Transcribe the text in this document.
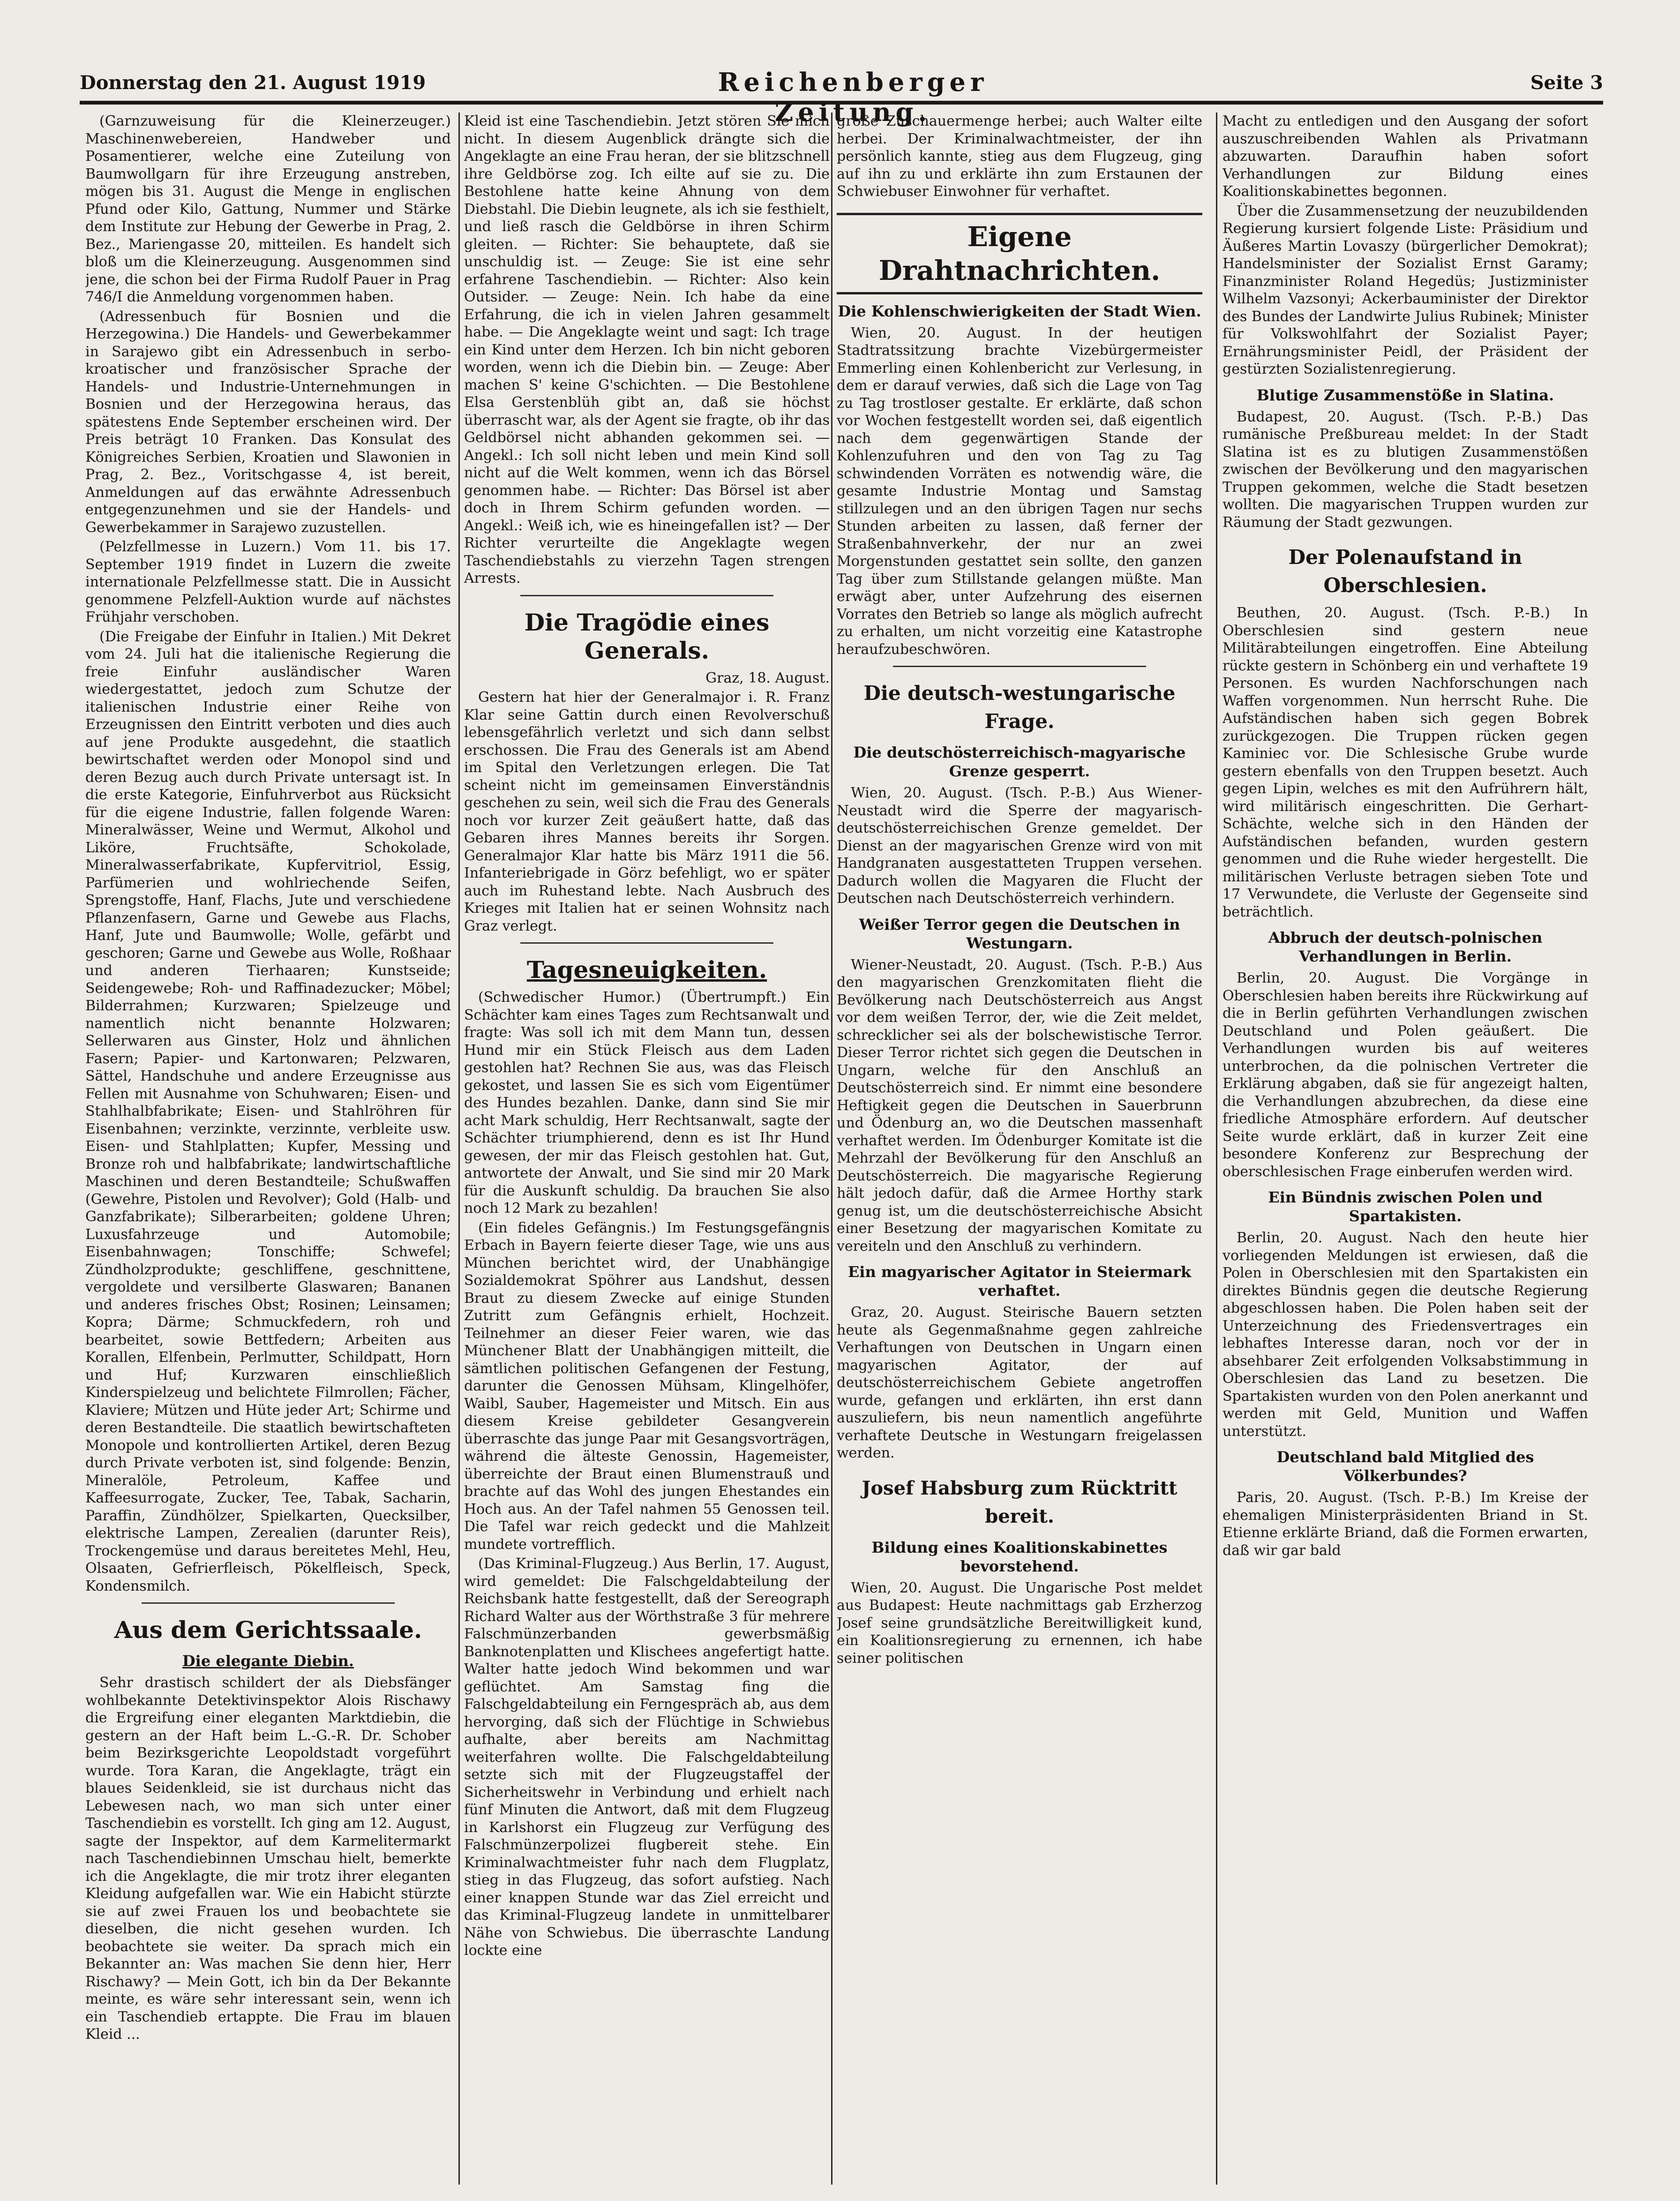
Donnerstag den 21. August 1919	Reichenberger Zeitung.
Seite 3

(Garnzuweisung für die Kleinerzeuger.) Maschinenwebereien, Handweber und Posamentierer, welche eine Zuteilung von Baumwollgarn für ihre Erzeugung anstreben, mögen bis 31. August die Menge in englischen Pfund oder Kilo, Gattung, Nummer und Stärke dem Institute zur Hebung der Gewerbe in Prag, 2. Bez., Mariengasse 20, mitteilen. Es handelt sich bloß um die Kleinerzeugung. Ausgenommen sind jene, die schon bei der Firma Rudolf Pauer in Prag 746/I die Anmeldung vorgenommen haben.

(Adressenbuch für Bosnien und die Herzegowina.) Die Handels- und Gewerbekammer in Sarajewo gibt ein Adressenbuch in serbo-kroatischer und französischer Sprache der Handels- und Industrie-Unternehmungen in Bosnien und der Herzegowina heraus, das spätestens Ende September erscheinen wird. Der Preis beträgt 10 Franken. Das Konsulat des Königreiches Serbien, Kroatien und Slawonien in Prag, 2. Bez., Voritschgasse 4, ist bereit, Anmeldungen auf das erwähnte Adressenbuch entgegenzunehmen und sie der Handels- und Gewerbekammer in Sarajewo zuzustellen.

(Pelzfellmesse in Luzern.) Vom 11. bis 17. September 1919 findet in Luzern die zweite internationale Pelzfellmesse statt. Die in Aussicht genommene Pelzfell-Auktion wurde auf nächstes Frühjahr verschoben.

(Die Freigabe der Einfuhr in Italien.) Mit Dekret vom 24. Juli hat die italienische Regierung die freie Einfuhr ausländischer Waren wiedergestattet, jedoch zum Schutze der italienischen Industrie einer Reihe von Erzeugnissen den Eintritt verboten und dies auch auf jene Produkte ausgedehnt, die staatlich bewirtschaftet werden oder Monopol sind und deren Bezug auch durch Private untersagt ist. In die erste Kategorie, Einfuhrverbot aus Rücksicht für die eigene Industrie, fallen folgende Waren: Mineralwässer, Weine und Wermut, Alkohol und Liköre, Fruchtsäfte, Schokolade, Mineralwasserfabrikate, Kupfervitriol, Essig, Parfümerien und wohlriechende Seifen, Sprengstoffe, Hanf, Flachs, Jute und verschiedene Pflanzenfasern, Garne und Gewebe aus Flachs, Hanf, Jute und Baumwolle; Wolle, gefärbt und geschoren; Garne und Gewebe aus Wolle, Roßhaar und anderen Tierhaaren; Kunstseide; Seidengewebe; Roh- und Raffinadezucker; Möbel; Bilderrahmen; Kurzwaren; Spielzeuge und namentlich nicht benannte Holzwaren; Sellerwaren aus Ginster, Holz und ähnlichen Fasern; Papier- und Kartonwaren; Pelzwaren, Sättel, Handschuhe und andere Erzeugnisse aus Fellen mit Ausnahme von Schuhwaren; Eisen- und Stahlhalbfabrikate; Eisen- und Stahlröhren für Eisenbahnen; verzinkte, verzinnte, verbleite usw. Eisen- und Stahlplatten; Kupfer, Messing und Bronze roh und halbfabrikate; landwirtschaftliche Maschinen und deren Bestandteile; Schußwaffen (Gewehre, Pistolen und Revolver); Gold (Halb- und Ganzfabrikate); Silberarbeiten; goldene Uhren; Luxusfahrzeuge und Automobile; Eisenbahnwagen; Tonschiffe; Schwefel; Zündholzprodukte; geschliffene, geschnittene, vergoldete und versilberte Glaswaren; Bananen und anderes frisches Obst; Rosinen; Leinsamen; Kopra; Därme; Schmuckfedern, roh und bearbeitet, sowie Bettfedern; Arbeiten aus Korallen, Elfenbein, Perlmutter, Schildpatt, Horn und Huf; Kurzwaren einschließlich Kinderspielzeug und belichtete Filmrollen; Fächer, Klaviere; Mützen und Hüte jeder Art; Schirme und deren Bestandteile. Die staatlich bewirtschafteten Monopole und kontrollierten Artikel, deren Bezug durch Private verboten ist, sind folgende: Benzin, Mineralöle, Petroleum, Kaffee und Kaffeesurrogate, Zucker, Tee, Tabak, Sacharin, Paraffin, Zündhölzer, Spielkarten, Quecksilber, elektrische Lampen, Zerealien (darunter Reis), Trockengemüse und daraus bereitetes Mehl, Heu, Olsaaten, Gefrierfleisch, Pökelfleisch, Speck, Kondensmilch.

Aus dem Gerichtssaale.
Die elegante Diebin.

Sehr drastisch schildert der als Diebsfänger wohlbekannte Detektivinspektor Alois Rischawy die Ergreifung einer eleganten Marktdiebin, die gestern an der Haft beim L.-G.-R. Dr. Schober beim Bezirksgerichte Leopoldstadt vorgeführt wurde. Tora Karan, die Angeklagte, trägt ein blaues Seidenkleid, sie ist durchaus nicht das Lebewesen nach, wo man sich unter einer Taschendiebin es vorstellt. Ich ging am 12. August, sagte der Inspektor, auf dem Karmelitermarkt nach Taschendiebinnen Umschau hielt, bemerkte ich die Angeklagte, die mir trotz ihrer eleganten Kleidung aufgefallen war. Wie ein Habicht stürzte sie auf zwei Frauen los und beobachtete sie dieselben, die nicht gesehen wurden. Ich beobachtete sie weiter. Da sprach mich ein Bekannter an: Was machen Sie denn hier, Herr Rischawy? — Mein Gott, ich bin da Der Bekannte meinte, es wäre sehr interessant sein, wenn ich ein Taschendieb ertappte. Die Frau im blauen Kleid ...

Kleid ist eine Taschendiebin. Jetzt stören Sie mich nicht. In diesem Augenblick drängte sich die Angeklagte an eine Frau heran, der sie blitzschnell ihre Geldbörse zog. Ich eilte auf sie zu. Die Bestohlene hatte keine Ahnung von dem Diebstahl. Die Diebin leugnete, als ich sie festhielt, und ließ rasch die Geldbörse in ihren Schirm gleiten. — Richter: Sie behauptete, daß sie unschuldig ist. — Zeuge: Sie ist eine sehr erfahrene Taschendiebin. — Richter: Also kein Outsider. — Zeuge: Nein. Ich habe da eine Erfahrung, die ich in vielen Jahren gesammelt habe. — Die Angeklagte weint und sagt: Ich trage ein Kind unter dem Herzen. Ich bin nicht geboren worden, wenn ich die Diebin bin. — Zeuge: Aber machen S' keine G'schichten. — Die Bestohlene Elsa Gerstenblüh gibt an, daß sie höchst überrascht war, als der Agent sie fragte, ob ihr das Geldbörsel nicht abhanden gekommen sei. — Angekl.: Ich soll nicht leben und mein Kind soll nicht auf die Welt kommen, wenn ich das Börsel genommen habe. — Richter: Das Börsel ist aber doch in Ihrem Schirm gefunden worden. — Angekl.: Weiß ich, wie es hineingefallen ist? — Der Richter verurteilte die Angeklagte wegen Taschendiebstahls zu vierzehn Tagen strengen Arrests.

Die Tragödie eines Generals.

Graz, 18. August.

Gestern hat hier der Generalmajor i. R. Franz Klar seine Gattin durch einen Revolverschuß lebensgefährlich verletzt und sich dann selbst erschossen. Die Frau des Generals ist am Abend im Spital den Verletzungen erlegen. Die Tat scheint nicht im gemeinsamen Einverständnis geschehen zu sein, weil sich die Frau des Generals noch vor kurzer Zeit geäußert hatte, daß das Gebaren ihres Mannes bereits ihr Sorgen. Generalmajor Klar hatte bis März 1911 die 56. Infanteriebrigade in Görz befehligt, wo er später auch im Ruhestand lebte. Nach Ausbruch des Krieges mit Italien hat er seinen Wohnsitz nach Graz verlegt.

Tagesneuigkeiten.

(Schwedischer Humor.) (Übertrumpft.) Ein Schächter kam eines Tages zum Rechtsanwalt und fragte: Was soll ich mit dem Mann tun, dessen Hund mir ein Stück Fleisch aus dem Laden gestohlen hat? Rechnen Sie aus, was das Fleisch gekostet, und lassen Sie es sich vom Eigentümer des Hundes bezahlen. Danke, dann sind Sie mir acht Mark schuldig, Herr Rechtsanwalt, sagte der Schächter triumphierend, denn es ist Ihr Hund gewesen, der mir das Fleisch gestohlen hat. Gut, antwortete der Anwalt, und Sie sind mir 20 Mark für die Auskunft schuldig. Da brauchen Sie also noch 12 Mark zu bezahlen!

(Ein fideles Gefängnis.) Im Festungsgefängnis Erbach in Bayern feierte dieser Tage, wie uns aus München berichtet wird, der Unabhängige Sozialdemokrat Spöhrer aus Landshut, dessen Braut zu diesem Zwecke auf einige Stunden Zutritt zum Gefängnis erhielt, Hochzeit. Teilnehmer an dieser Feier waren, wie das Münchener Blatt der Unabhängigen mitteilt, die sämtlichen politischen Gefangenen der Festung, darunter die Genossen Mühsam, Klingelhöfer, Waibl, Sauber, Hagemeister und Mitsch. Ein aus diesem Kreise gebildeter Gesangverein überraschte das junge Paar mit Gesangsvorträgen, während die älteste Genossin, Hagemeister, überreichte der Braut einen Blumenstrauß und brachte auf das Wohl des jungen Ehestandes ein Hoch aus. An der Tafel nahmen 55 Genossen teil. Die Tafel war reich gedeckt und die Mahlzeit mundete vortrefflich.

(Das Kriminal-Flugzeug.) Aus Berlin, 17. August, wird gemeldet: Die Falschgeldabteilung der Reichsbank hatte festgestellt, daß der Sereograph Richard Walter aus der Wörthstraße 3 für mehrere Falschmünzerbanden gewerbsmäßig Banknotenplatten und Klischees angefertigt hatte. Walter hatte jedoch Wind bekommen und war geflüchtet. Am Samstag fing die Falschgeldabteilung ein Ferngespräch ab, aus dem hervorging, daß sich der Flüchtige in Schwiebus aufhalte, aber bereits am Nachmittag weiterfahren wollte. Die Falschgeldabteilung setzte sich mit der Flugzeugstaffel der Sicherheitswehr in Verbindung und erhielt nach fünf Minuten die Antwort, daß mit dem Flugzeug in Karlshorst ein Flugzeug zur Verfügung des Falschmünzerpolizei flugbereit stehe. Ein Kriminalwachtmeister fuhr nach dem Flugplatz, stieg in das Flugzeug, das sofort aufstieg. Nach einer knappen Stunde war das Ziel erreicht und das Kriminal-Flugzeug landete in unmittelbarer Nähe von Schwiebus. Die überraschte Landung lockte eine

große Zuschauermenge herbei; auch Walter eilte herbei. Der Kriminalwachtmeister, der ihn persönlich kannte, stieg aus dem Flugzeug, ging auf ihn zu und erklärte ihn zum Erstaunen der Schwiebuser Einwohner für verhaftet.

Eigene Drahtnachrichten.
Die Kohlenschwierigkeiten der Stadt Wien.

Wien, 20. August. In der heutigen Stadtratssitzung brachte Vizebürgermeister Emmerling einen Kohlenbericht zur Verlesung, in dem er darauf verwies, daß sich die Lage von Tag zu Tag trostloser gestalte. Er erklärte, daß schon vor Wochen festgestellt worden sei, daß eigentlich nach dem gegenwärtigen Stande der Kohlenzufuhren und den von Tag zu Tag schwindenden Vorräten es notwendig wäre, die gesamte Industrie Montag und Samstag stillzulegen und an den übrigen Tagen nur sechs Stunden arbeiten zu lassen, daß ferner der Straßenbahnverkehr, der nur an zwei Morgenstunden gestattet sein sollte, den ganzen Tag über zum Stillstande gelangen müßte. Man erwägt aber, unter Aufzehrung des eisernen Vorrates den Betrieb so lange als möglich aufrecht zu erhalten, um nicht vorzeitig eine Katastrophe heraufzubeschwören.

Die deutsch-westungarische Frage.
Die deutschösterreichisch-magyarische Grenze gesperrt.

Wien, 20. August. (Tsch. P.-B.) Aus Wiener-Neustadt wird die Sperre der magyarisch-deutschösterreichischen Grenze gemeldet. Der Dienst an der magyarischen Grenze wird von mit Handgranaten ausgestatteten Truppen versehen. Dadurch wollen die Magyaren die Flucht der Deutschen nach Deutschösterreich verhindern.

Weißer Terror gegen die Deutschen in Westungarn.

Wiener-Neustadt, 20. August. (Tsch. P.-B.) Aus den magyarischen Grenzkomitaten flieht die Bevölkerung nach Deutschösterreich aus Angst vor dem weißen Terror, der, wie die Zeit meldet, schrecklicher sei als der bolschewistische Terror. Dieser Terror richtet sich gegen die Deutschen in Ungarn, welche für den Anschluß an Deutschösterreich sind. Er nimmt eine besondere Heftigkeit gegen die Deutschen in Sauerbrunn und Ödenburg an, wo die Deutschen massenhaft verhaftet werden. Im Ödenburger Komitate ist die Mehrzahl der Bevölkerung für den Anschluß an Deutschösterreich. Die magyarische Regierung hält jedoch dafür, daß die Armee Horthy stark genug ist, um die deutschösterreichische Absicht einer Besetzung der magyarischen Komitate zu vereiteln und den Anschluß zu verhindern.

Ein magyarischer Agitator in Steiermark verhaftet.

Graz, 20. August. Steirische Bauern setzten heute als Gegenmaßnahme gegen zahlreiche Verhaftungen von Deutschen in Ungarn einen magyarischen Agitator, der auf deutschösterreichischem Gebiete angetroffen wurde, gefangen und erklärten, ihn erst dann auszuliefern, bis neun namentlich angeführte verhaftete Deutsche in Westungarn freigelassen werden.

Josef Habsburg zum Rücktritt bereit.
Bildung eines Koalitionskabinettes bevorstehend.

Wien, 20. August. Die Ungarische Post meldet aus Budapest: Heute nachmittags gab Erzherzog Josef seine grundsätzliche Bereitwilligkeit kund, ein Koalitionsregierung zu ernennen, ich habe seiner politischen

Macht zu entledigen und den Ausgang der sofort auszuschreibenden Wahlen als Privatmann abzuwarten. Daraufhin haben sofort Verhandlungen zur Bildung eines Koalitionskabinettes begonnen.

Über die Zusammensetzung der neuzubildenden Regierung kursiert folgende Liste: Präsidium und Äußeres Martin Lovaszy (bürgerlicher Demokrat); Handelsminister der Sozialist Ernst Garamy; Finanzminister Roland Hegedüs; Justizminister Wilhelm Vazsonyi; Ackerbauminister der Direktor des Bundes der Landwirte Julius Rubinek; Minister für Volkswohlfahrt der Sozialist Payer; Ernährungsminister Peidl, der Präsident der gestürzten Sozialistenregierung.

Blutige Zusammenstöße in Slatina.

Budapest, 20. August. (Tsch. P.-B.) Das rumänische Preßbureau meldet: In der Stadt Slatina ist es zu blutigen Zusammenstößen zwischen der Bevölkerung und den magyarischen Truppen gekommen, welche die Stadt besetzen wollten. Die magyarischen Truppen wurden zur Räumung der Stadt gezwungen.

Der Polenaufstand in Oberschlesien.

Beuthen, 20. August. (Tsch. P.-B.) In Oberschlesien sind gestern neue Militärabteilungen eingetroffen. Eine Abteilung rückte gestern in Schönberg ein und verhaftete 19 Personen. Es wurden Nachforschungen nach Waffen vorgenommen. Nun herrscht Ruhe. Die Aufständischen haben sich gegen Bobrek zurückgezogen. Die Truppen rücken gegen Kaminiec vor. Die Schlesische Grube wurde gestern ebenfalls von den Truppen besetzt. Auch gegen Lipin, welches es mit den Aufrührern hält, wird militärisch eingeschritten. Die Gerhart-Schächte, welche sich in den Händen der Aufständischen befanden, wurden gestern genommen und die Ruhe wieder hergestellt. Die militärischen Verluste betragen sieben Tote und 17 Verwundete, die Verluste der Gegenseite sind beträchtlich.

Abbruch der deutsch-polnischen Verhandlungen in Berlin.

Berlin, 20. August. Die Vorgänge in Oberschlesien haben bereits ihre Rückwirkung auf die in Berlin geführten Verhandlungen zwischen Deutschland und Polen geäußert. Die Verhandlungen wurden bis auf weiteres unterbrochen, da die polnischen Vertreter die Erklärung abgaben, daß sie für angezeigt halten, die Verhandlungen abzubrechen, da diese eine friedliche Atmosphäre erfordern. Auf deutscher Seite wurde erklärt, daß in kurzer Zeit eine besondere Konferenz zur Besprechung der oberschlesischen Frage einberufen werden wird.

Ein Bündnis zwischen Polen und Spartakisten.

Berlin, 20. August. Nach den heute hier vorliegenden Meldungen ist erwiesen, daß die Polen in Oberschlesien mit den Spartakisten ein direktes Bündnis gegen die deutsche Regierung abgeschlossen haben. Die Polen haben seit der Unterzeichnung des Friedensvertrages ein lebhaftes Interesse daran, noch vor der in absehbarer Zeit erfolgenden Volksabstimmung in Oberschlesien das Land zu besetzen. Die Spartakisten wurden von den Polen anerkannt und werden mit Geld, Munition und Waffen unterstützt.

Deutschland bald Mitglied des Völkerbundes?

Paris, 20. August. (Tsch. P.-B.) Im Kreise der ehemaligen Ministerpräsidenten Briand in St. Etienne erklärte Briand, daß die Formen erwarten, daß wir gar bald
